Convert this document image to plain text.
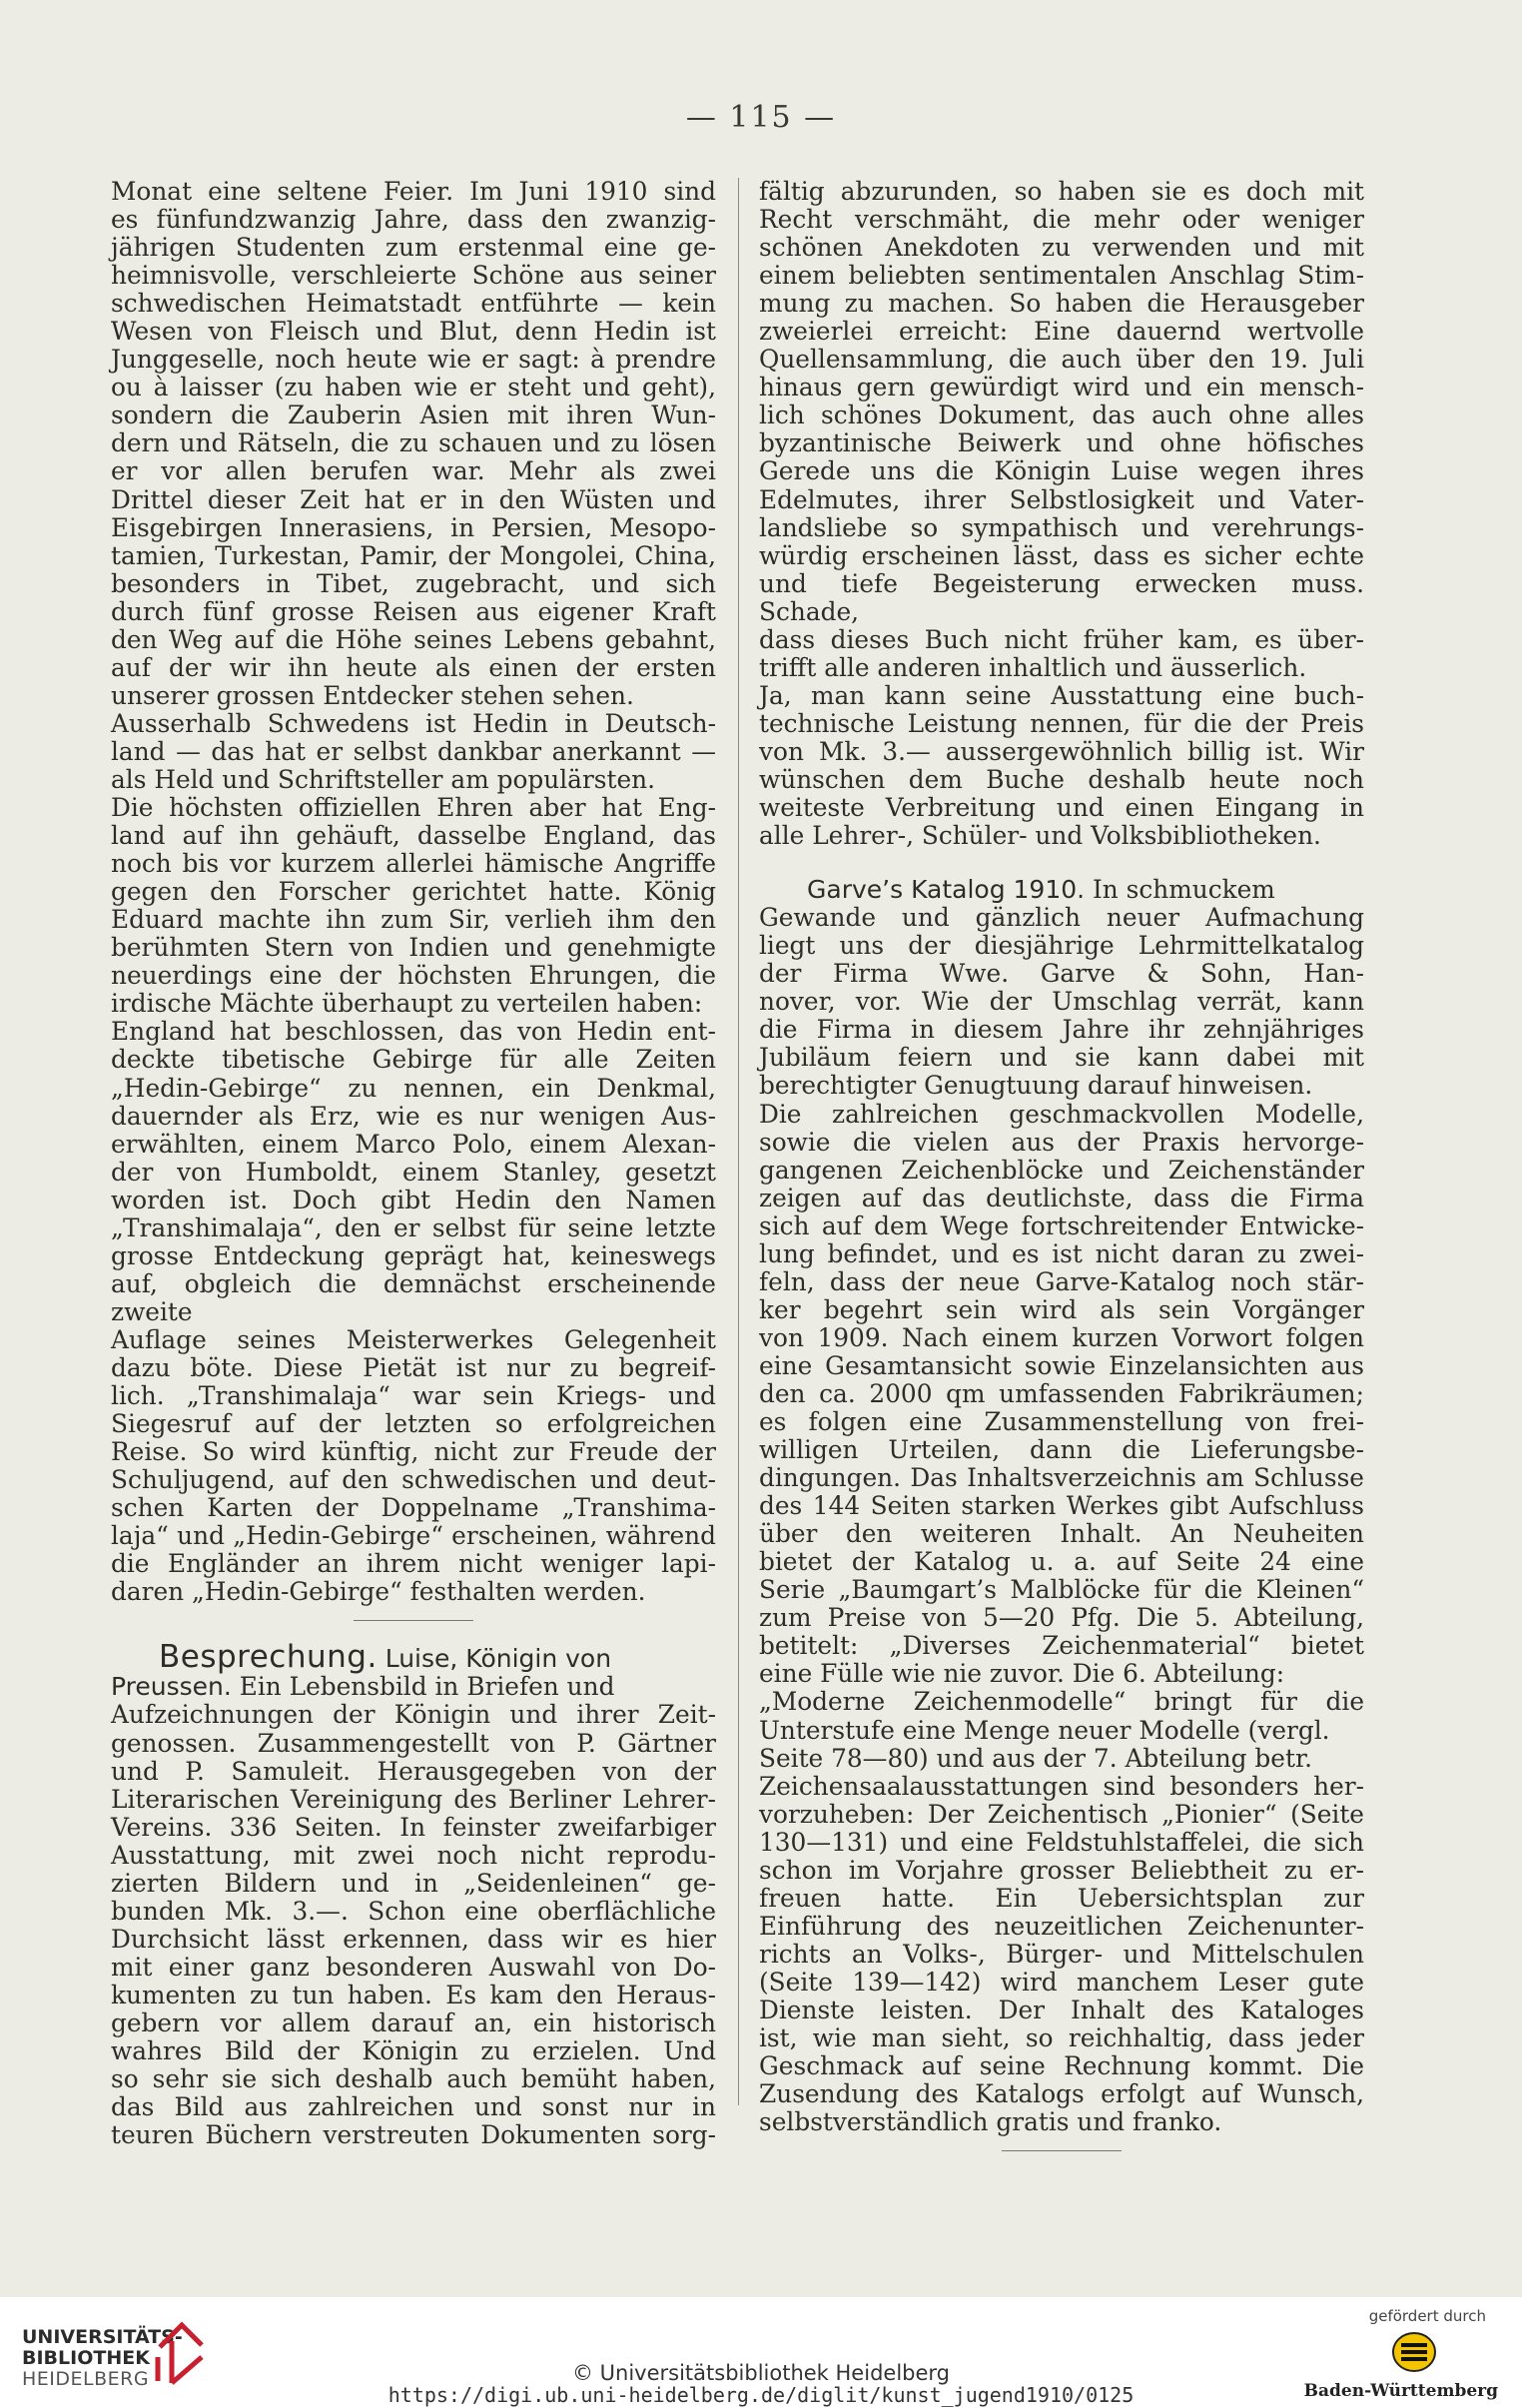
— 115 —

Monat eine seltene Feier. Im Juni 1910 sind

es fünfundzwanzig Jahre, dass den zwanzig-

jährigen Studenten zum erstenmal eine ge-

heimnisvolle, verschleierte Schöne aus seiner

schwedischen Heimatstadt entführte — kein

Wesen von Fleisch und Blut, denn Hedin ist

Junggeselle, noch heute wie er sagt: à prendre

ou à laisser (zu haben wie er steht und geht),

sondern die Zauberin Asien mit ihren Wun-

dern und Rätseln, die zu schauen und zu lösen

er vor allen berufen war. Mehr als zwei

Drittel dieser Zeit hat er in den Wüsten und

Eisgebirgen Innerasiens, in Persien, Mesopo-

tamien, Turkestan, Pamir, der Mongolei, China,

besonders in Tibet, zugebracht, und sich

durch fünf grosse Reisen aus eigener Kraft

den Weg auf die Höhe seines Lebens gebahnt,

auf der wir ihn heute als einen der ersten

unserer grossen Entdecker stehen sehen.

Ausserhalb Schwedens ist Hedin in Deutsch-

land — das hat er selbst dankbar anerkannt —

als Held und Schriftsteller am populärsten.

Die höchsten offiziellen Ehren aber hat Eng-

land auf ihn gehäuft, dasselbe England, das

noch bis vor kurzem allerlei hämische Angriffe

gegen den Forscher gerichtet hatte. König

Eduard machte ihn zum Sir, verlieh ihm den

berühmten Stern von Indien und genehmigte

neuerdings eine der höchsten Ehrungen, die

irdische Mächte überhaupt zu verteilen haben:

England hat beschlossen, das von Hedin ent-

deckte tibetische Gebirge für alle Zeiten

„Hedin-Gebirge“ zu nennen, ein Denkmal,

dauernder als Erz, wie es nur wenigen Aus-

erwählten, einem Marco Polo, einem Alexan-

der von Humboldt, einem Stanley, gesetzt

worden ist. Doch gibt Hedin den Namen

„Transhimalaja“, den er selbst für seine letzte

grosse Entdeckung geprägt hat, keineswegs

auf, obgleich die demnächst erscheinende zweite

Auflage seines Meisterwerkes Gelegenheit

dazu böte. Diese Pietät ist nur zu begreif-

lich. „Transhimalaja“ war sein Kriegs- und

Siegesruf auf der letzten so erfolgreichen

Reise. So wird künftig, nicht zur Freude der

Schuljugend, auf den schwedischen und deut-

schen Karten der Doppelname „Transhima-

laja“ und „Hedin-Gebirge“ erscheinen, während

die Engländer an ihrem nicht weniger lapi-

daren „Hedin-Gebirge“ festhalten werden.

Besprechung. Luise, Königin von

Preussen. Ein Lebensbild in Briefen und

Aufzeichnungen der Königin und ihrer Zeit-

genossen. Zusammengestellt von P. Gärtner

und P. Samuleit. Herausgegeben von der

Literarischen Vereinigung des Berliner Lehrer-

Vereins. 336 Seiten. In feinster zweifarbiger

Ausstattung, mit zwei noch nicht reprodu-

zierten Bildern und in „Seidenleinen“ ge-

bunden Mk. 3.—. Schon eine oberflächliche

Durchsicht lässt erkennen, dass wir es hier

mit einer ganz besonderen Auswahl von Do-

kumenten zu tun haben. Es kam den Heraus-

gebern vor allem darauf an, ein historisch

wahres Bild der Königin zu erzielen. Und

so sehr sie sich deshalb auch bemüht haben,

das Bild aus zahlreichen und sonst nur in

teuren Büchern verstreuten Dokumenten sorg-

fältig abzurunden, so haben sie es doch mit

Recht verschmäht, die mehr oder weniger

schönen Anekdoten zu verwenden und mit

einem beliebten sentimentalen Anschlag Stim-

mung zu machen. So haben die Herausgeber

zweierlei erreicht: Eine dauernd wertvolle

Quellensammlung, die auch über den 19. Juli

hinaus gern gewürdigt wird und ein mensch-

lich schönes Dokument, das auch ohne alles

byzantinische Beiwerk und ohne höfisches

Gerede uns die Königin Luise wegen ihres

Edelmutes, ihrer Selbstlosigkeit und Vater-

landsliebe so sympathisch und verehrungs-

würdig erscheinen lässt, dass es sicher echte

und tiefe Begeisterung erwecken muss. Schade,

dass dieses Buch nicht früher kam, es über-

trifft alle anderen inhaltlich und äusserlich.

Ja, man kann seine Ausstattung eine buch-

technische Leistung nennen, für die der Preis

von Mk. 3.— aussergewöhnlich billig ist. Wir

wünschen dem Buche deshalb heute noch

weiteste Verbreitung und einen Eingang in

alle Lehrer-, Schüler- und Volksbibliotheken.

Garve’s Katalog 1910. In schmuckem

Gewande und gänzlich neuer Aufmachung

liegt uns der diesjährige Lehrmittelkatalog

der Firma Wwe. Garve & Sohn, Han-

nover, vor. Wie der Umschlag verrät, kann

die Firma in diesem Jahre ihr zehnjähriges

Jubiläum feiern und sie kann dabei mit

berechtigter Genugtuung darauf hinweisen.

Die zahlreichen geschmackvollen Modelle,

sowie die vielen aus der Praxis hervorge-

gangenen Zeichenblöcke und Zeichenständer

zeigen auf das deutlichste, dass die Firma

sich auf dem Wege fortschreitender Entwicke-

lung befindet, und es ist nicht daran zu zwei-

feln, dass der neue Garve-Katalog noch stär-

ker begehrt sein wird als sein Vorgänger

von 1909. Nach einem kurzen Vorwort folgen

eine Gesamtansicht sowie Einzelansichten aus

den ca. 2000 qm umfassenden Fabrikräumen;

es folgen eine Zusammenstellung von frei-

willigen Urteilen, dann die Lieferungsbe-

dingungen. Das Inhaltsverzeichnis am Schlusse

des 144 Seiten starken Werkes gibt Aufschluss

über den weiteren Inhalt. An Neuheiten

bietet der Katalog u. a. auf Seite 24 eine

Serie „Baumgart’s Malblöcke für die Kleinen“

zum Preise von 5—20 Pfg. Die 5. Abteilung,

betitelt: „Diverses Zeichenmaterial“ bietet

eine Fülle wie nie zuvor. Die 6. Abteilung:

„Moderne Zeichenmodelle“ bringt für die

Unterstufe eine Menge neuer Modelle (vergl.

Seite 78—80) und aus der 7. Abteilung betr.

Zeichensaalausstattungen sind besonders her-

vorzuheben: Der Zeichentisch „Pionier“ (Seite

130—131) und eine Feldstuhlstaffelei, die sich

schon im Vorjahre grosser Beliebtheit zu er-

freuen hatte. Ein Uebersichtsplan zur

Einführung des neuzeitlichen Zeichenunter-

richts an Volks-, Bürger- und Mittelschulen

(Seite 139—142) wird manchem Leser gute

Dienste leisten. Der Inhalt des Kataloges

ist, wie man sieht, so reichhaltig, dass jeder

Geschmack auf seine Rechnung kommt. Die

Zusendung des Katalogs erfolgt auf Wunsch,

selbstverständlich gratis und franko.

UNIVERSITÄTS-
BIBLIOTHEK
HEIDELBERG	© Universitätsbibliothek Heidelberg
https://digi.ub.uni-heidelberg.de/diglit/kunst_jugend1910/0125
gefördert durch
Baden-Württemberg
